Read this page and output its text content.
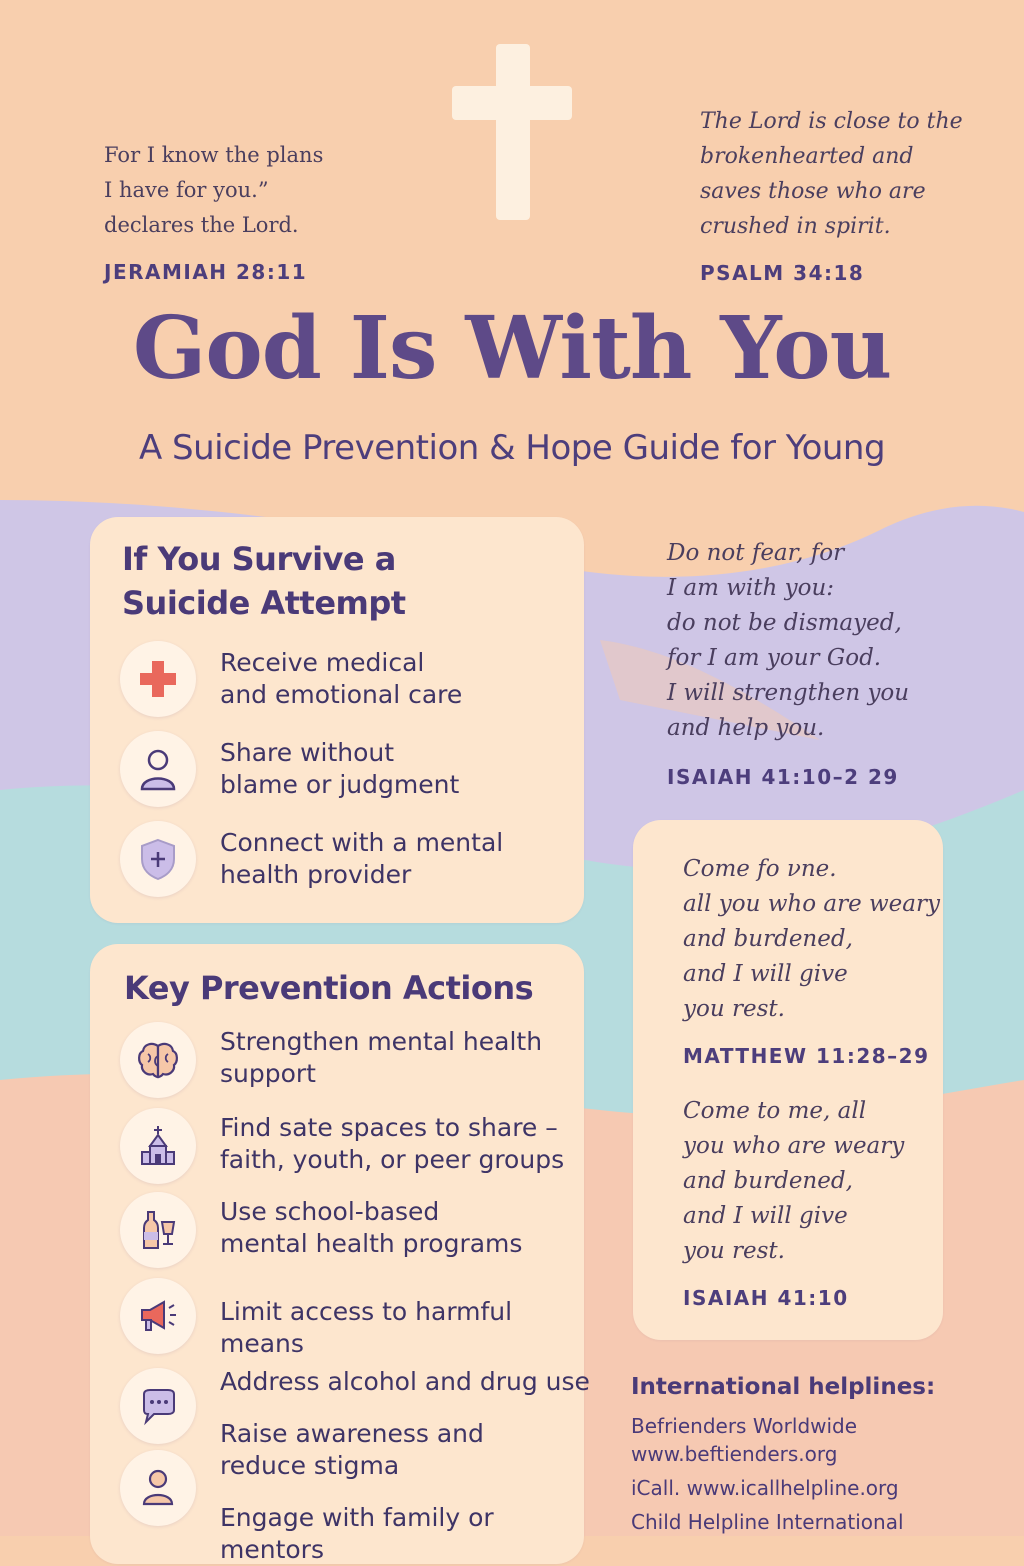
For I know the plans
I have for you.”
declares the Lord.
JERAMIAH 28:11
The Lord is close to the
brokenhearted and
saves those who are
crushed in spirit.
PSALM 34:18
God Is With You
A Suicide Prevention & Hope Guide for Young
If You Survive a
Suicide Attempt
Receive medical
and emotional care
Share without
blame or judgment
Connect with a mental
health provider
Key Prevention Actions
Strengthen mental health
support
Find sate spaces to share –
faith, youth, or peer groups
Use school-based
mental health programs
Limit access to harmful means
Address alcohol and drug use
Raise awareness and
reduce stigma
Engage with family or mentors
Do not fear, for
I am with you:
do not be dismayed,
for I am your God.
I will strengthen you
and help you.
ISAIAH 41:10–2 29
Come fo νne.
all you who are weary
and burdened,
and I will give
you rest.
MATTHEW 11:28–29
Come to me, all
you who are weary
and burdened,
and I will give
you rest.
ISAIAH 41:10
International helplines:
Befrienders Worldwide
www.beftienders.org
iCall. www.icallhelpline.org
Child Helpline International
